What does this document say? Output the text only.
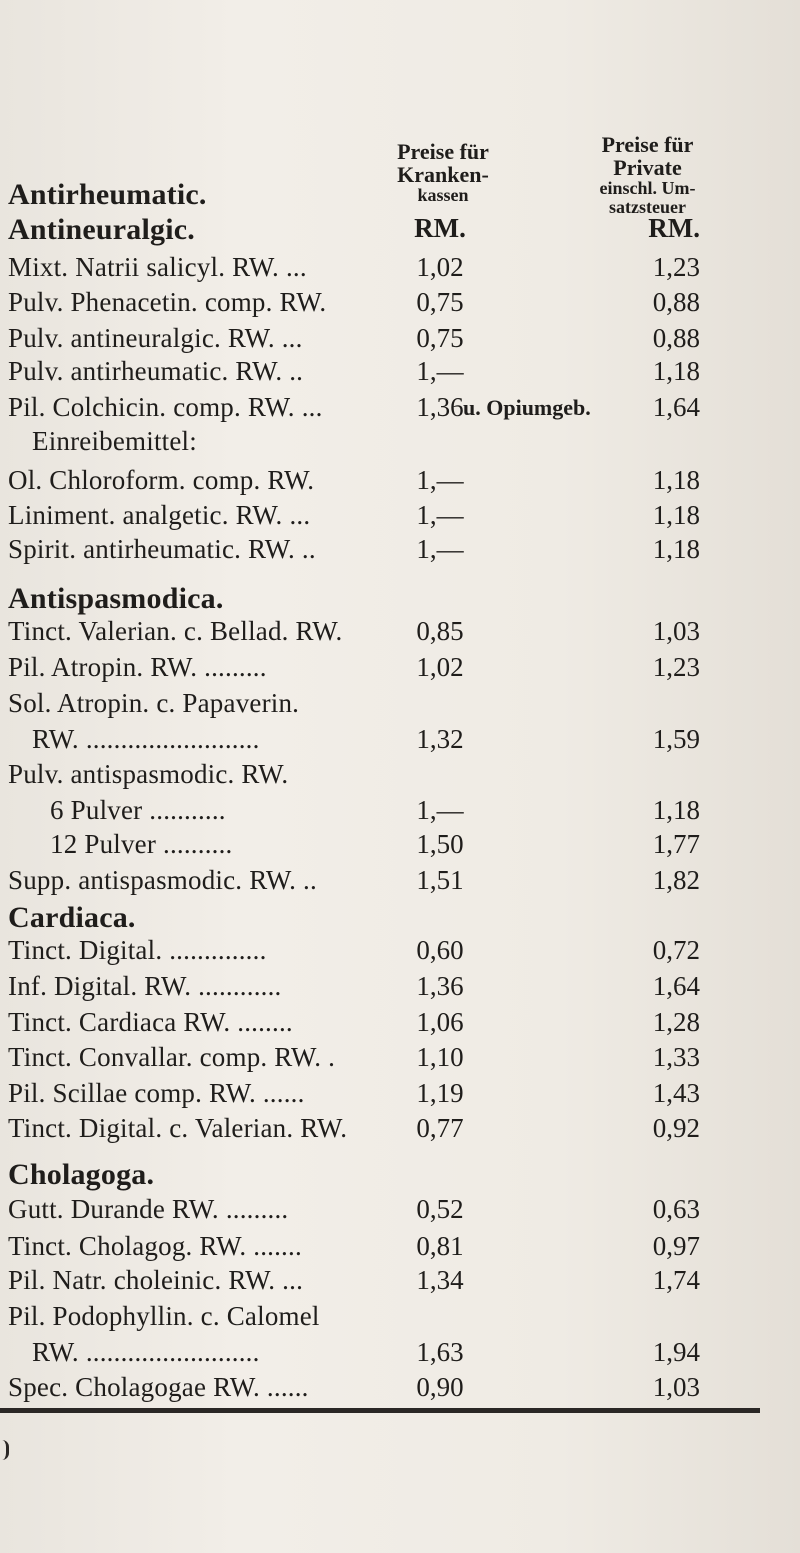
Preise für
Kranken-
kassen
Preise für
Private
einschl. Um-
satzsteuer
Antirheumatic.
Antineuralgic.	RM.	RM.
Mixt. Natrii salicyl. RW. ...	1,02	1,23
Pulv. Phenacetin. comp. RW.	0,75	0,88
Pulv. antineuralgic. RW. ...	0,75	0,88
Pulv. antirheumatic. RW. ..	1,—	1,18
Pil. Colchicin. comp. RW. ...	1,36 u. Opiumgeb.	1,64
Einreibemittel:
Ol. Chloroform. comp. RW.	1,—	1,18
Liniment. analgetic. RW. ...	1,—	1,18
Spirit. antirheumatic. RW. ..	1,—	1,18
Antispasmodica.
Tinct. Valerian. c. Bellad. RW.	0,85	1,03
Pil. Atropin. RW. .........	1,02	1,23
Sol. Atropin. c. Papaverin.
RW. .........................	1,32	1,59
Pulv. antispasmodic. RW.
6 Pulver ...........	1,—	1,18
12 Pulver ..........	1,50	1,77
Supp. antispasmodic. RW. ..	1,51	1,82
Cardiaca.
Tinct. Digital. ..............	0,60	0,72
Inf. Digital. RW. ............	1,36	1,64
Tinct. Cardiaca RW. ........	1,06	1,28
Tinct. Convallar. comp. RW. .	1,10	1,33
Pil. Scillae comp. RW. ......	1,19	1,43
Tinct. Digital. c. Valerian. RW.	0,77	0,92
Cholagoga.
Gutt. Durande RW. .........	0,52	0,63
Tinct. Cholagog. RW. .......	0,81	0,97
Pil. Natr. choleinic. RW. ...	1,34	1,74
Pil. Podophyllin. c. Calomel
RW. .........................	1,63	1,94
Spec. Cholagogae RW. ......	0,90	1,03
